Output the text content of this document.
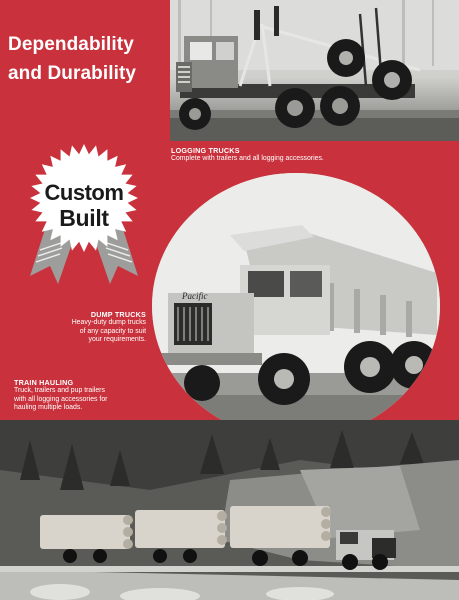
Dependability
and Durability
LOGGING TRUCKS
Complete with trailers and all logging accessories.
Custom
Built
Pacific
DUMP TRUCKS
Heavy-duty dump trucks
of any capacity to suit
your requirements.
TRAIN HAULING
Truck, trailers and pup trailers
with all logging accessories for
hauling multiple loads.
